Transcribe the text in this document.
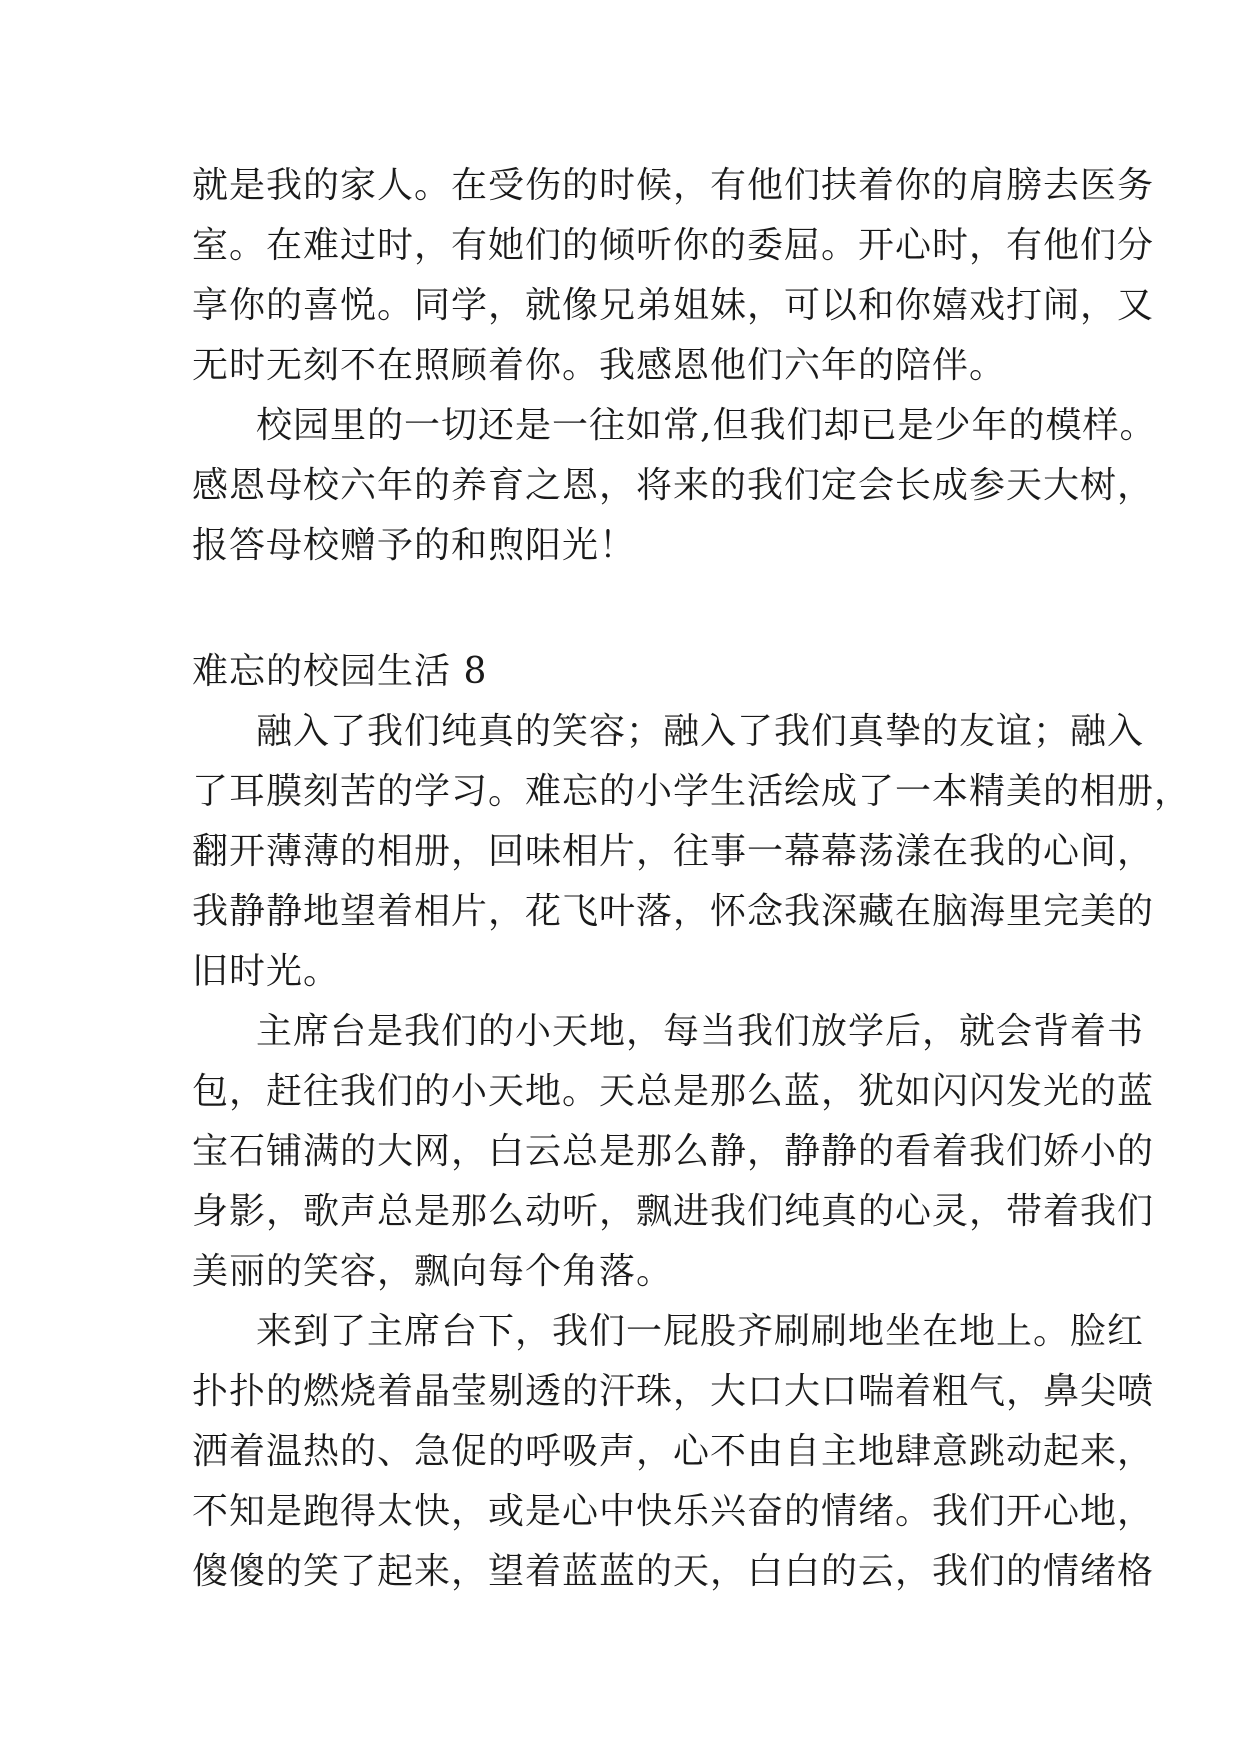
就是我的家人。在受伤的时候，有他们扶着你的肩膀去医务
室。在难过时，有她们的倾听你的委屈。开心时，有他们分
享你的喜悦。同学，就像兄弟姐妹，可以和你嬉戏打闹，又
无时无刻不在照顾着你。我感恩他们六年的陪伴。
校园里的一切还是一往如常,但我们却已是少年的模样。
感恩母校六年的养育之恩，将来的我们定会长成参天大树，
报答母校赠予的和煦阳光！
难忘的校园生活 8
融入了我们纯真的笑容；融入了我们真挚的友谊；融入
了耳膜刻苦的学习。难忘的小学生活绘成了一本精美的相册，
翻开薄薄的相册，回味相片，往事一幕幕荡漾在我的心间，
我静静地望着相片，花飞叶落，怀念我深藏在脑海里完美的
旧时光。
主席台是我们的小天地，每当我们放学后，就会背着书
包，赶往我们的小天地。天总是那么蓝，犹如闪闪发光的蓝
宝石铺满的大网，白云总是那么静，静静的看着我们娇小的
身影，歌声总是那么动听，飘进我们纯真的心灵，带着我们
美丽的笑容，飘向每个角落。
来到了主席台下，我们一屁股齐刷刷地坐在地上。脸红
扑扑的燃烧着晶莹剔透的汗珠，大口大口喘着粗气，鼻尖喷
洒着温热的、急促的呼吸声，心不由自主地肆意跳动起来，
不知是跑得太快，或是心中快乐兴奋的情绪。我们开心地，
傻傻的笑了起来，望着蓝蓝的天，白白的云，我们的情绪格
